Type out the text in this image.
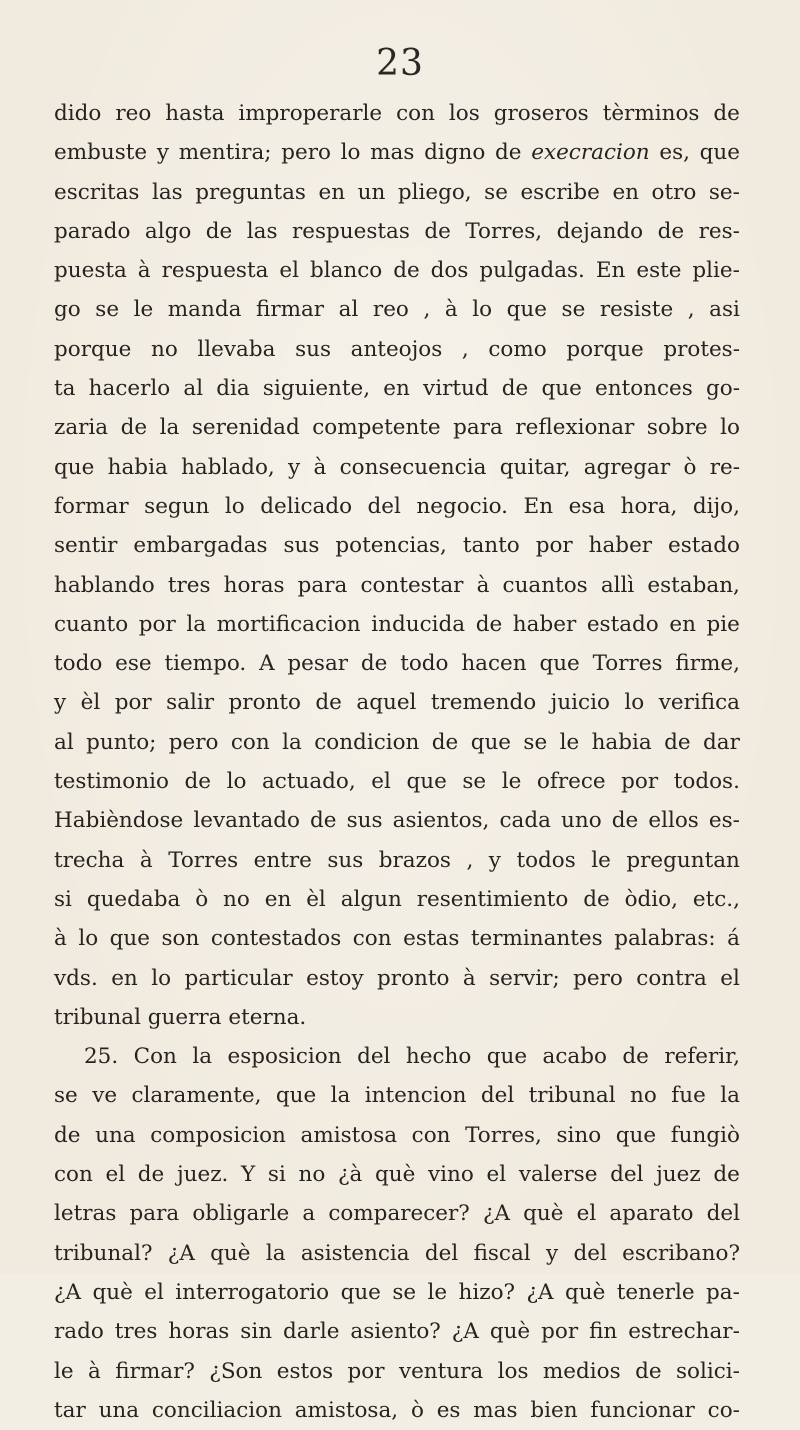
23
dido reo hasta improperarle con los groseros tèrminos de
embuste y mentira; pero lo mas digno de execracion es, que
escritas las preguntas en un pliego, se escribe en otro se-
parado algo de las respuestas de Torres, dejando de res-
puesta à respuesta el blanco de dos pulgadas. En este plie-
go se le manda firmar al reo , à lo que se resiste , asi
porque no llevaba sus anteojos , como porque protes-
ta hacerlo al dia siguiente, en virtud de que entonces go-
zaria de la serenidad competente para reflexionar sobre lo
que habia hablado, y à consecuencia quitar, agregar ò re-
formar segun lo delicado del negocio. En esa hora, dijo,
sentir embargadas sus potencias, tanto por haber estado
hablando tres horas para contestar à cuantos allì estaban,
cuanto por la mortificacion inducida de haber estado en pie
todo ese tiempo. A pesar de todo hacen que Torres firme,
y èl por salir pronto de aquel tremendo juicio lo verifica
al punto; pero con la condicion de que se le habia de dar
testimonio de lo actuado, el que se le ofrece por todos.
Habièndose levantado de sus asientos, cada uno de ellos es-
trecha à Torres entre sus brazos , y todos le preguntan
si quedaba ò no en èl algun resentimiento de òdio, etc.,
à lo que son contestados con estas terminantes palabras: á
vds. en lo particular estoy pronto à servir; pero contra el
tribunal
guerra
eterna.

25. Con la esposicion del hecho que acabo de referir,
se ve claramente, que la intencion del tribunal no fue la
de una composicion amistosa con Torres, sino que fungiò
con el de juez. Y si no ¿à què vino el valerse del juez de
letras para obligarle a comparecer? ¿A què el aparato del
tribunal? ¿A què la asistencia del fiscal y del escribano?
¿A què el interrogatorio que se le hizo? ¿A què tenerle pa-
rado tres horas sin darle asiento? ¿A què por fin estrechar-
le à firmar? ¿Son estos por ventura los medios de solici-
tar una conciliacion amistosa, ò es mas bien funcionar co-
